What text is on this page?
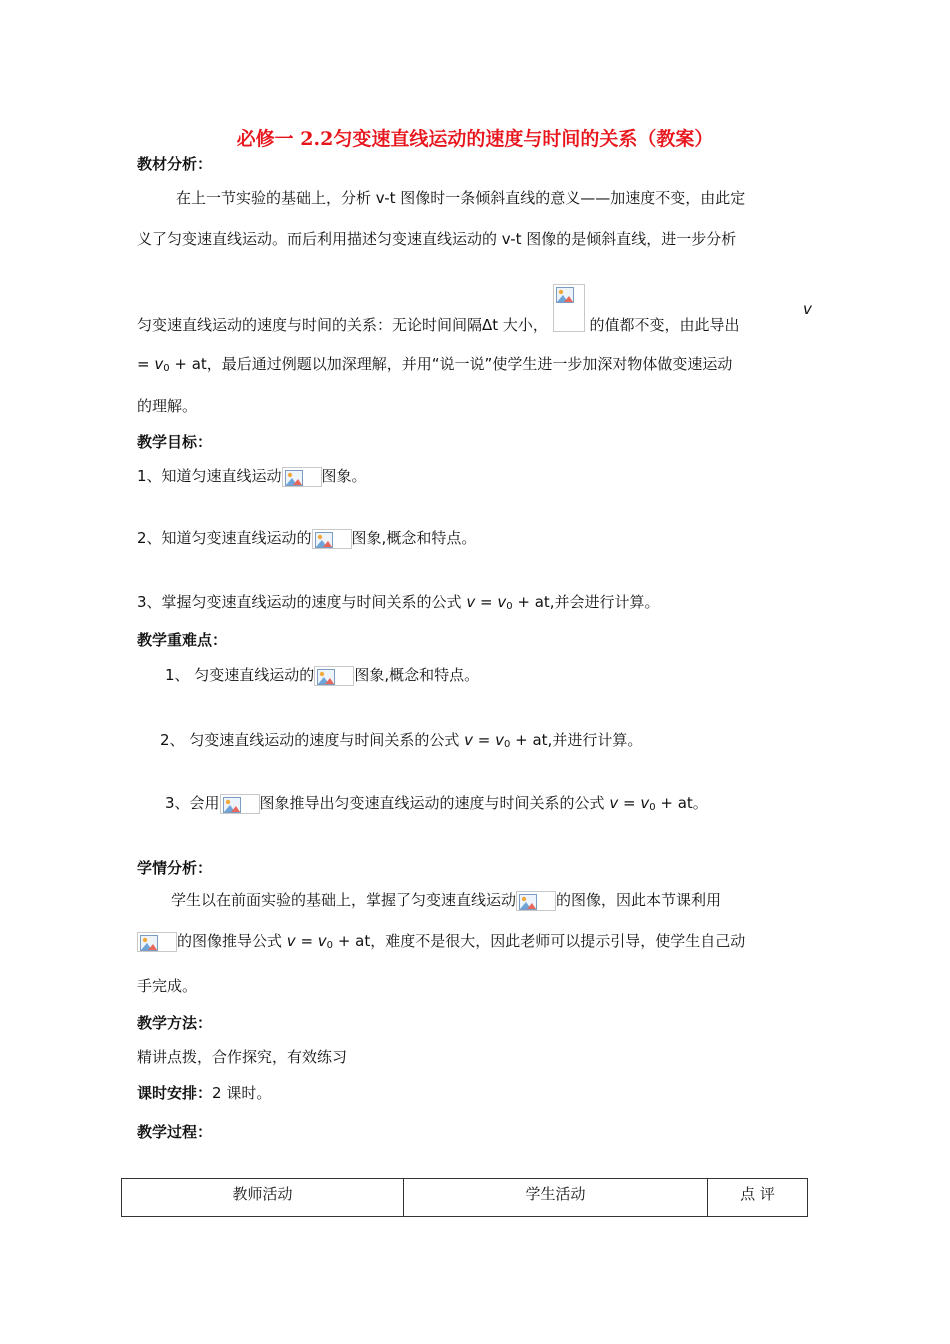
必修一 2.2匀变速直线运动的速度与时间的关系（教案）
教材分析：
在上一节实验的基础上，分析 v-t 图像时一条倾斜直线的意义——加速度不变，由此定
义了匀变速直线运动。而后利用描述匀变速直线运动的 v-t 图像的是倾斜直线，进一步分析
匀变速直线运动的速度与时间的关系：无论时间间隔Δt 大小，	的值都不变，由此导出
v
= $v_0$ + at，最后通过例题以加深理解，并用“说一说”使学生进一步加深对物体做变速运动
的理解。
教学目标：
1、知道匀速直线运动	图象。
2、知道匀变速直线运动的	图象,概念和特点。
3、掌握匀变速直线运动的速度与时间关系的公式 $v = v_0$ + at,并会进行计算。
教学重难点：
1、 匀变速直线运动的	图象,概念和特点。
2、 匀变速直线运动的速度与时间关系的公式 $v = v_0$ + at,并进行计算。
3、会用	图象推导出匀变速直线运动的速度与时间关系的公式 $v = v_0$ + at。
学情分析：
学生以在前面实验的基础上，掌握了匀变速直线运动	的图像，因此本节课利用
的图像推导公式 $v = v_0$ + at，难度不是很大，因此老师可以提示引导，使学生自己动
手完成。
教学方法：
精讲点拨，合作探究，有效练习
课时安排：2 课时。
教学过程：
教师活动	学生活动	点 评
